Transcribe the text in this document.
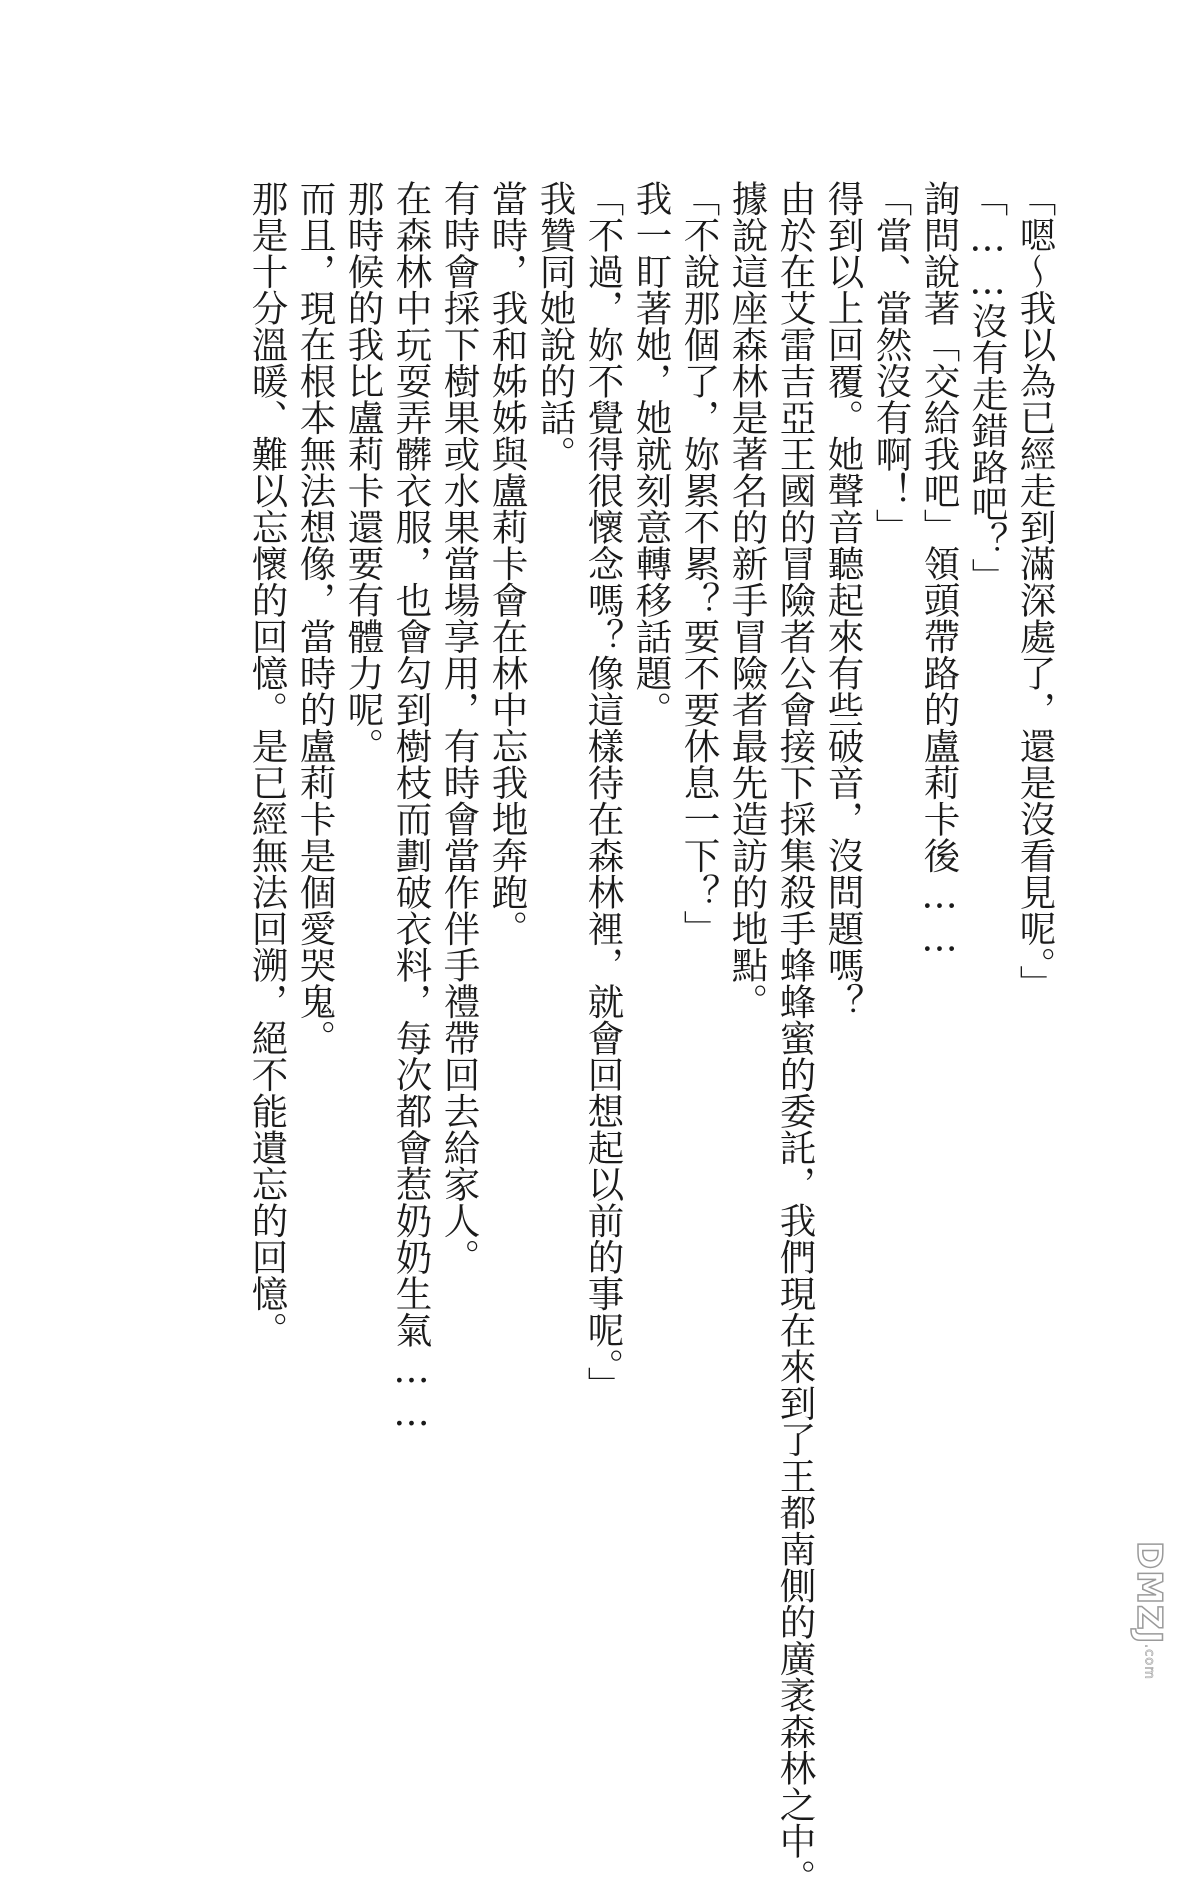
「嗯～我以為已經走到滿深處了，還是沒看見呢。」

「……沒有走錯路吧？」

詢問說著「交給我吧」領頭帶路的盧莉卡後……

「當、當然沒有啊！」

得到以上回覆。她聲音聽起來有些破音，沒問題嗎？

由於在艾雷吉亞王國的冒險者公會接下採集殺手蜂蜂蜜的委託，我們現在來到了王都南側的廣袤森林之中。

據說這座森林是著名的新手冒險者最先造訪的地點。

「不說那個了，妳累不累？要不要休息一下？」

我一盯著她，她就刻意轉移話題。

「不過，妳不覺得很懷念嗎？像這樣待在森林裡，就會回想起以前的事呢。」

我贊同她說的話。

當時，我和姊姊與盧莉卡會在林中忘我地奔跑。

有時會採下樹果或水果當場享用，有時會當作伴手禮帶回去給家人。

在森林中玩耍弄髒衣服，也會勾到樹枝而劃破衣料，每次都會惹奶奶生氣……

那時候的我比盧莉卡還要有體力呢。

而且，現在根本無法想像，當時的盧莉卡是個愛哭鬼。

那是十分溫暖、難以忘懷的回憶。是已經無法回溯，絕不能遺忘的回憶。

DMZJ
.com
